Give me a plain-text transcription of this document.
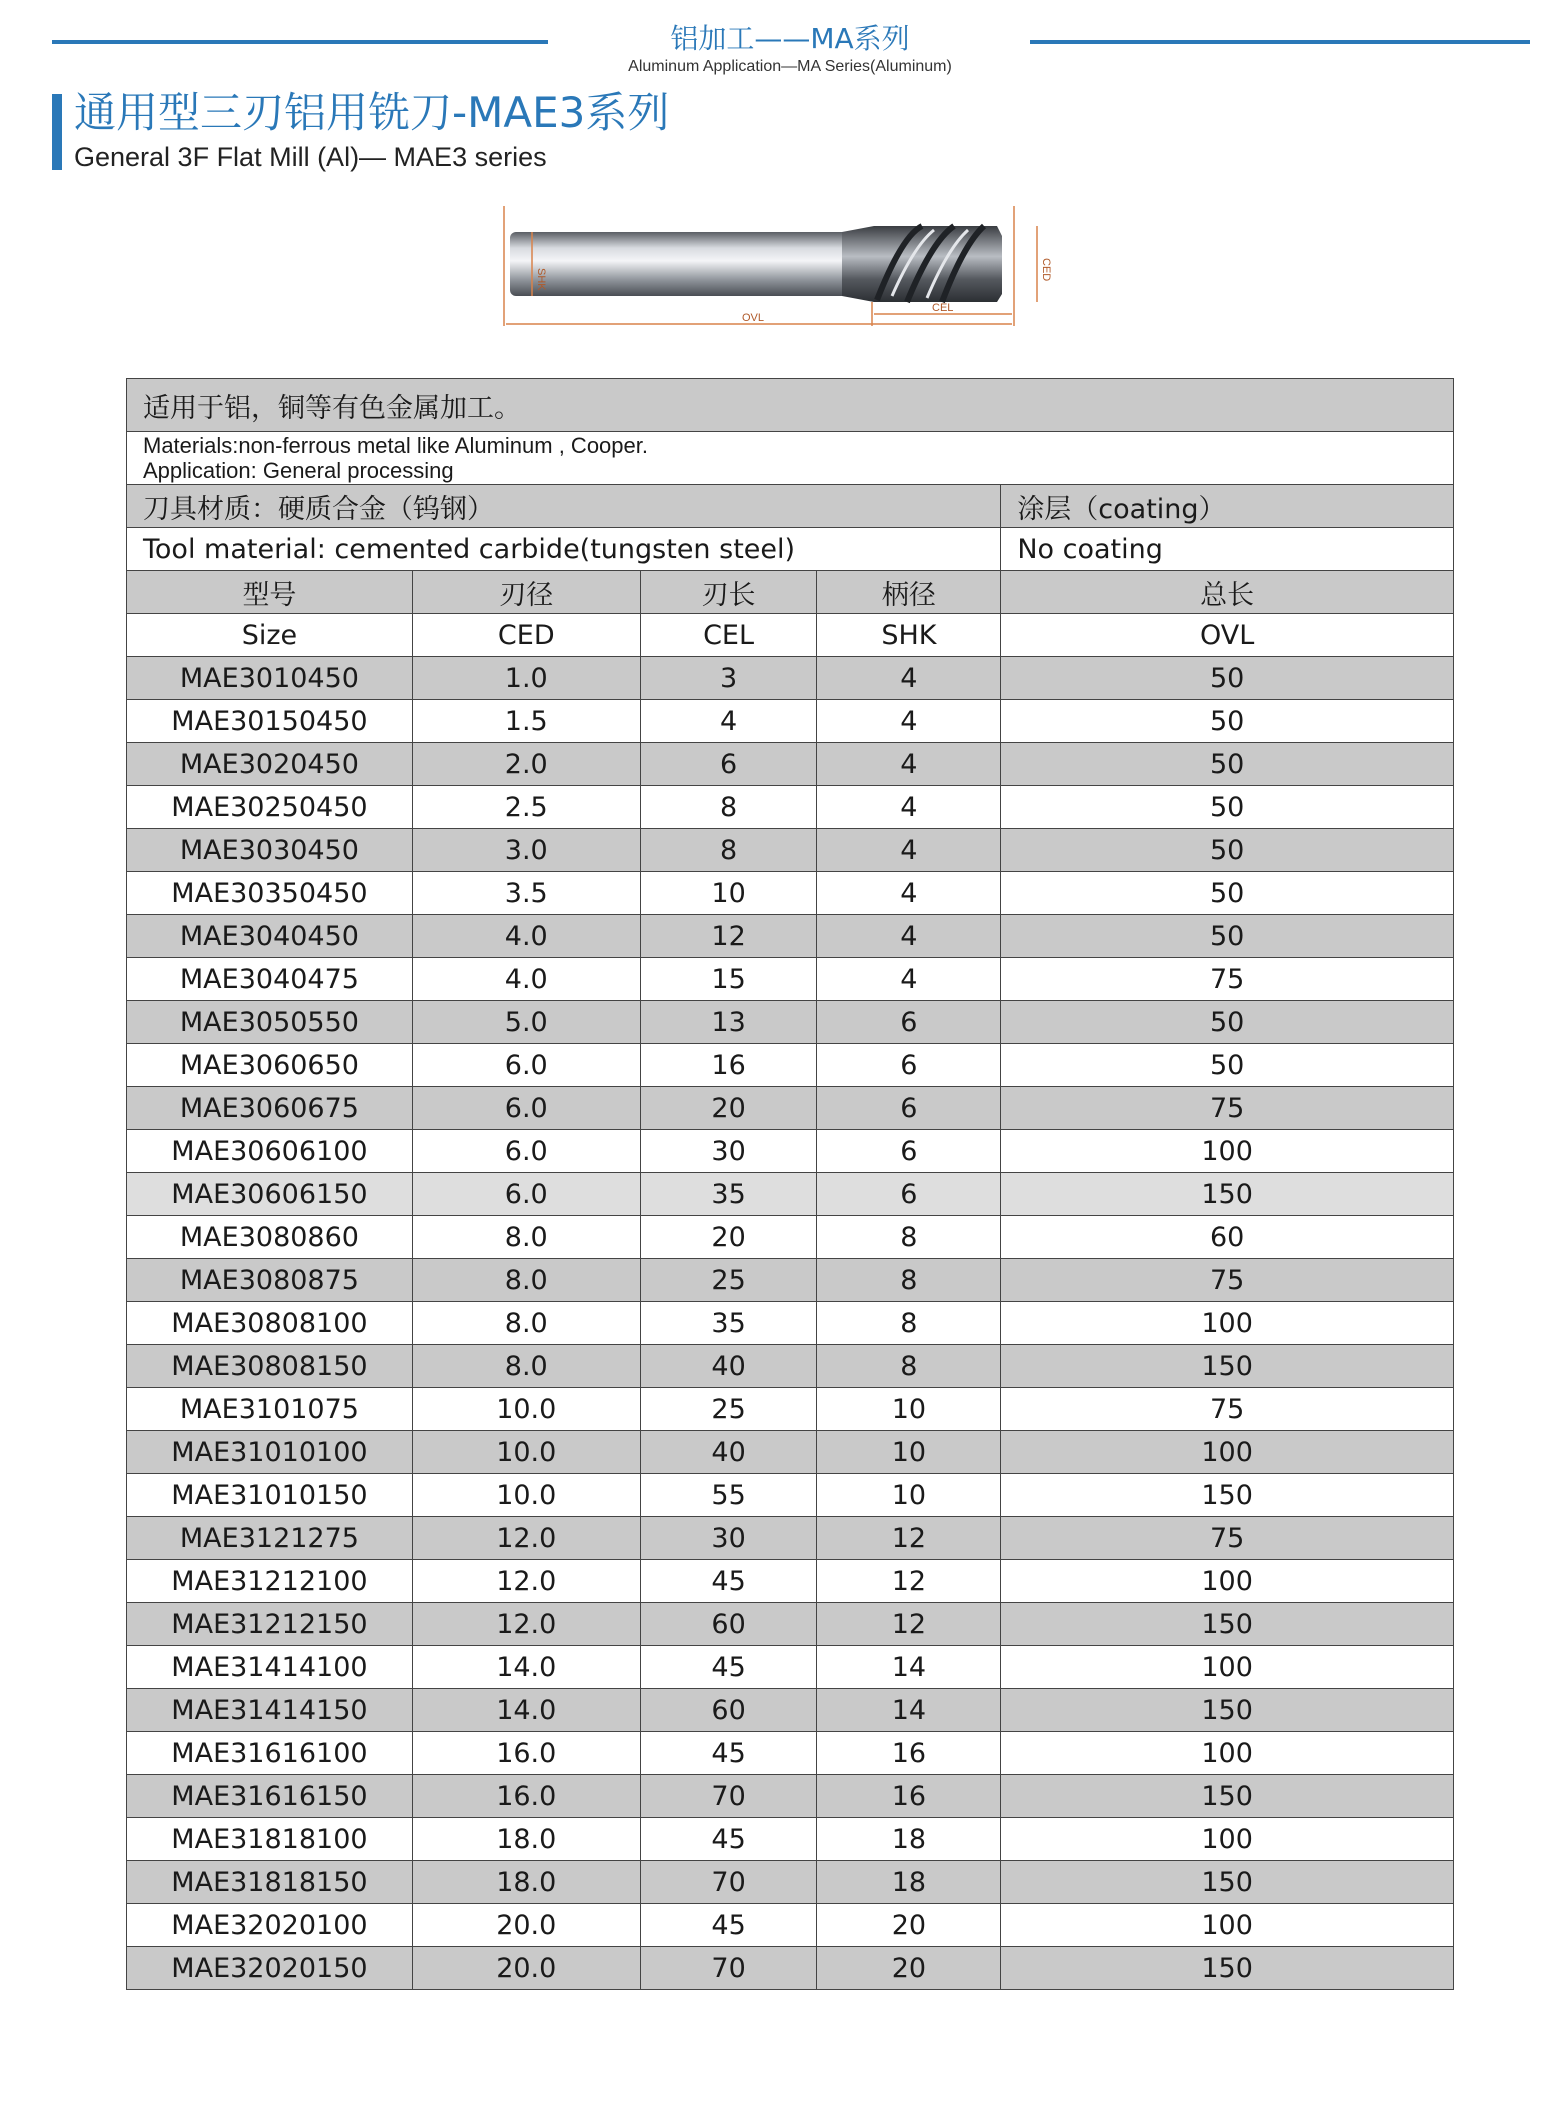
铝加工——MA系列
Aluminum Application—MA Series(Aluminum)
通用型三刃铝用铣刀-MAE3系列
General 3F Flat Mill (Al)— MAE3 series
SHK	CED
CEL
OVL
适用于铝，铜等有色金属加工。				

Materials:non-ferrous metal like Aluminum , Cooper.
Application: General processing				

刀具材质：硬质合金（钨钢）				涂层（coating）
Tool material: cemented carbide(tungsten steel)				No coating
型号	刃径	刃长	柄径	总长
Size	CED	CEL	SHK	OVL
MAE3010450	1.0	3	4	50
MAE30150450	1.5	4	4	50
MAE3020450	2.0	6	4	50
MAE30250450	2.5	8	4	50
MAE3030450	3.0	8	4	50
MAE30350450	3.5	10	4	50
MAE3040450	4.0	12	4	50
MAE3040475	4.0	15	4	75
MAE3050550	5.0	13	6	50
MAE3060650	6.0	16	6	50
MAE3060675	6.0	20	6	75
MAE30606100	6.0	30	6	100
MAE30606150	6.0	35	6	150
MAE3080860	8.0	20	8	60
MAE3080875	8.0	25	8	75
MAE30808100	8.0	35	8	100
MAE30808150	8.0	40	8	150
MAE3101075	10.0	25	10	75
MAE31010100	10.0	40	10	100
MAE31010150	10.0	55	10	150
MAE3121275	12.0	30	12	75
MAE31212100	12.0	45	12	100
MAE31212150	12.0	60	12	150
MAE31414100	14.0	45	14	100
MAE31414150	14.0	60	14	150
MAE31616100	16.0	45	16	100
MAE31616150	16.0	70	16	150
MAE31818100	18.0	45	18	100
MAE31818150	18.0	70	18	150
MAE32020100	20.0	45	20	100
MAE32020150	20.0	70	20	150
